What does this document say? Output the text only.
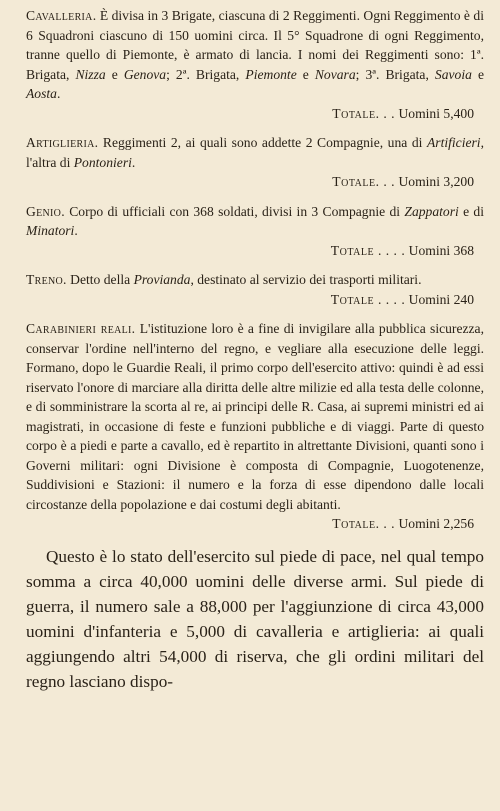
Cavalleria. È divisa in 3 Brigate, ciascuna di 2 Reggimenti. Ogni Reggimento è di 6 Squadroni ciascuno di 150 uomini circa. Il 5° Squadrone di ogni Reggimento, tranne quello di Piemonte, è armato di lancia. I nomi dei Reggimenti sono: 1ª. Brigata, Nizza e Genova; 2ª. Brigata, Piemonte e Novara; 3ª. Brigata, Savoia e Aosta.

Totale. . . Uomini 5,400

Artiglieria. Reggimenti 2, ai quali sono addette 2 Compagnie, una di Artificieri, l'altra di Pontonieri.

Totale. . . Uomini 3,200

Genio. Corpo di ufficiali con 368 soldati, divisi in 3 Compagnie di Zappatori e di Minatori.

Totale . . . . Uomini 368

Treno. Detto della Provianda, destinato al servizio dei trasporti militari.

Totale . . . . Uomini 240

Carabinieri reali. L'istituzione loro è a fine di invigilare alla pubblica sicurezza, conservar l'ordine nell'interno del regno, e vegliare alla esecuzione delle leggi. Formano, dopo le Guardie Reali, il primo corpo dell'esercito attivo: quindi è ad essi riservato l'onore di marciare alla diritta delle altre milizie ed alla testa delle colonne, e di somministrare la scorta al re, ai principi delle R. Casa, ai supremi ministri ed ai magistrati, in occasione di feste e funzioni pubbliche e di viaggi. Parte di questo corpo è a piedi e parte a cavallo, ed è repartito in altrettante Divisioni, quanti sono i Governi militari: ogni Divisione è composta di Compagnie, Luogotenenze, Suddivisioni e Stazioni: il numero e la forza di esse dipendono dalle locali circostanze della popolazione e dai costumi degli abitanti.

Totale. . . Uomini 2,256

Questo è lo stato dell'esercito sul piede di pace, nel qual tempo somma a circa 40,000 uomini delle diverse armi. Sul piede di guerra, il numero sale a 88,000 per l'aggiunzione di circa 43,000 uomini d'infanteria e 5,000 di cavalleria e artiglieria: ai quali aggiungendo altri 54,000 di riserva, che gli ordini militari del regno lasciano dispo-
